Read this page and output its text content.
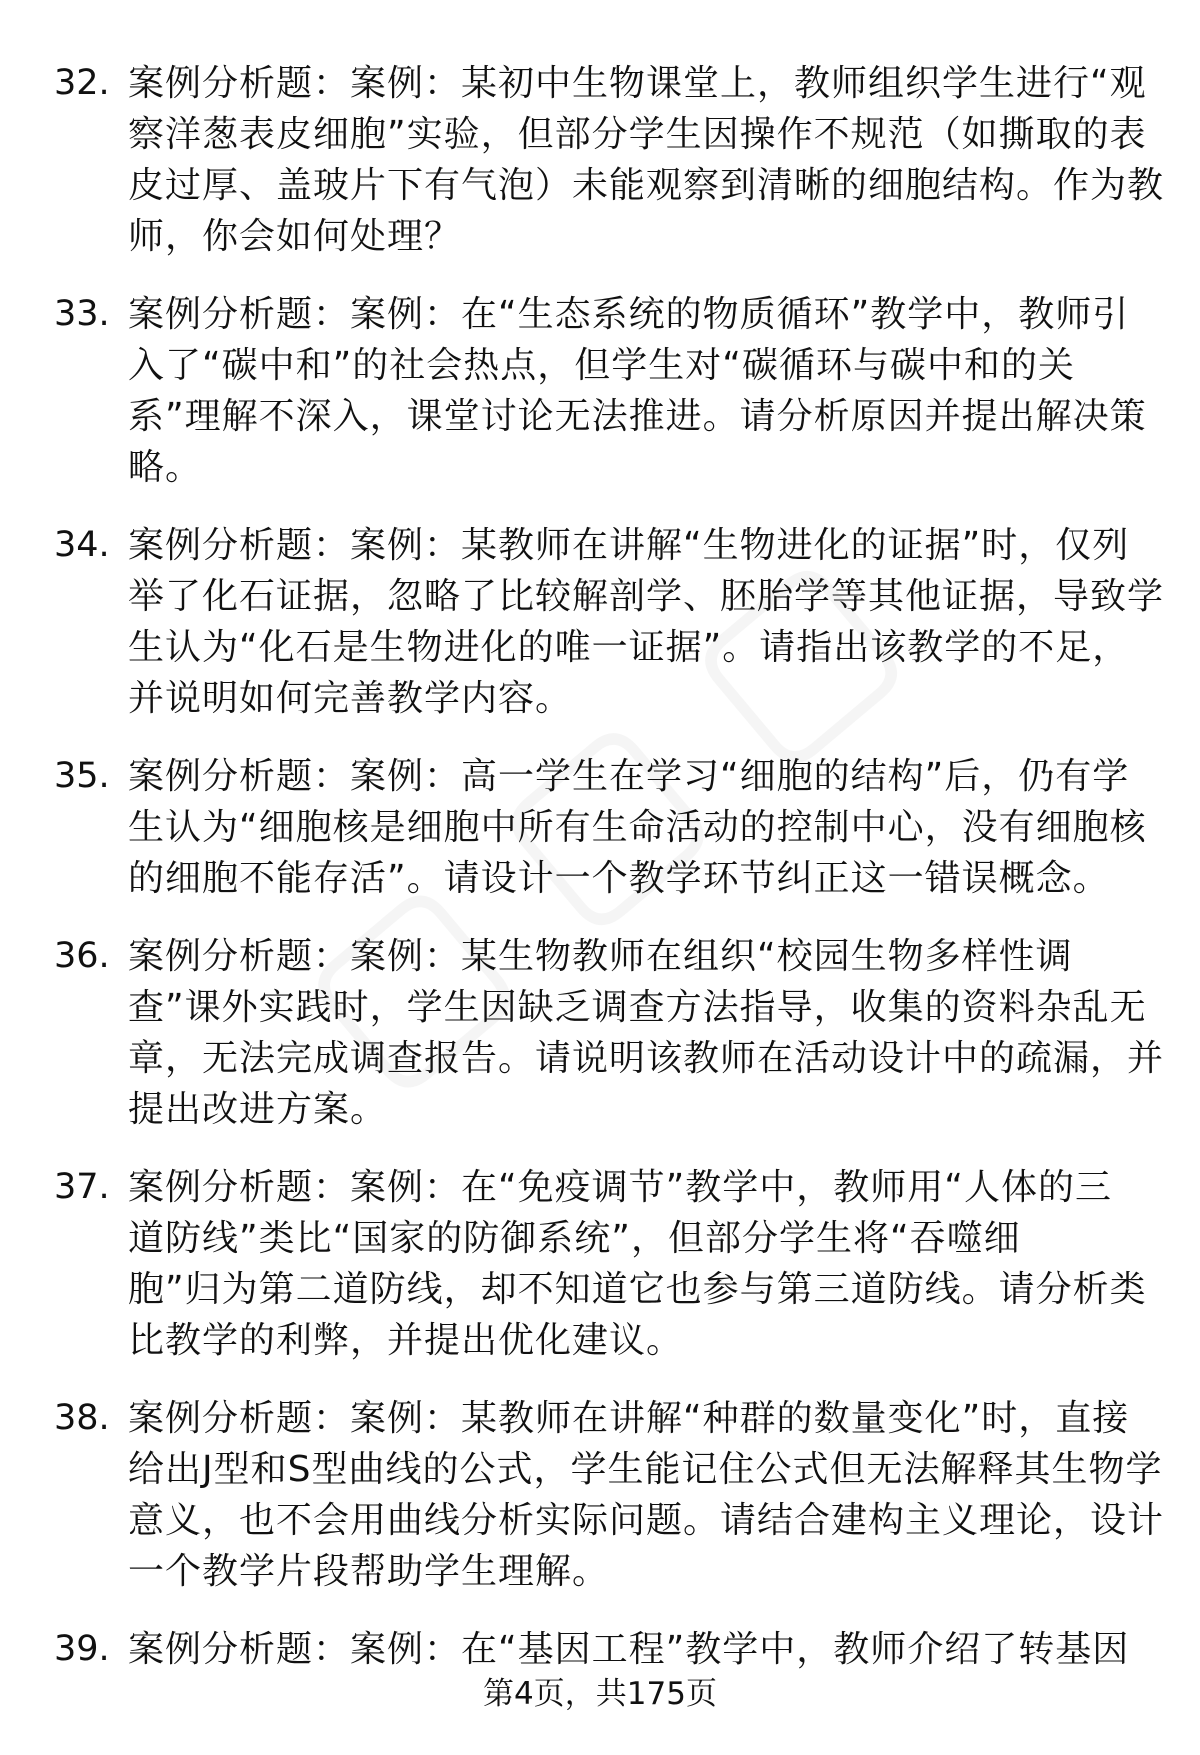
32. 案例分析题：案例：某初中生物课堂上，教师组织学生进行“观
察洋葱表皮细胞”实验，但部分学生因操作不规范（如撕取的表
皮过厚、盖玻片下有气泡）未能观察到清晰的细胞结构。作为教
师，你会如何处理？
33. 案例分析题：案例：在“生态系统的物质循环”教学中，教师引
入了“碳中和”的社会热点，但学生对“碳循环与碳中和的关
系”理解不深入，课堂讨论无法推进。请分析原因并提出解决策
略。
34. 案例分析题：案例：某教师在讲解“生物进化的证据”时，仅列
举了化石证据，忽略了比较解剖学、胚胎学等其他证据，导致学
生认为“化石是生物进化的唯一证据”。请指出该教学的不足，
并说明如何完善教学内容。
35. 案例分析题：案例：高一学生在学习“细胞的结构”后，仍有学
生认为“细胞核是细胞中所有生命活动的控制中心，没有细胞核
的细胞不能存活”。请设计一个教学环节纠正这一错误概念。
36. 案例分析题：案例：某生物教师在组织“校园生物多样性调
查”课外实践时，学生因缺乏调查方法指导，收集的资料杂乱无
章，无法完成调查报告。请说明该教师在活动设计中的疏漏，并
提出改进方案。
37. 案例分析题：案例：在“免疫调节”教学中，教师用“人体的三
道防线”类比“国家的防御系统”，但部分学生将“吞噬细
胞”归为第二道防线，却不知道它也参与第三道防线。请分析类
比教学的利弊，并提出优化建议。
38. 案例分析题：案例：某教师在讲解“种群的数量变化”时，直接
给出J型和S型曲线的公式，学生能记住公式但无法解释其生物学
意义，也不会用曲线分析实际问题。请结合建构主义理论，设计
一个教学片段帮助学生理解。
39. 案例分析题：案例：在“基因工程”教学中，教师介绍了转基因
第4页，共175页
